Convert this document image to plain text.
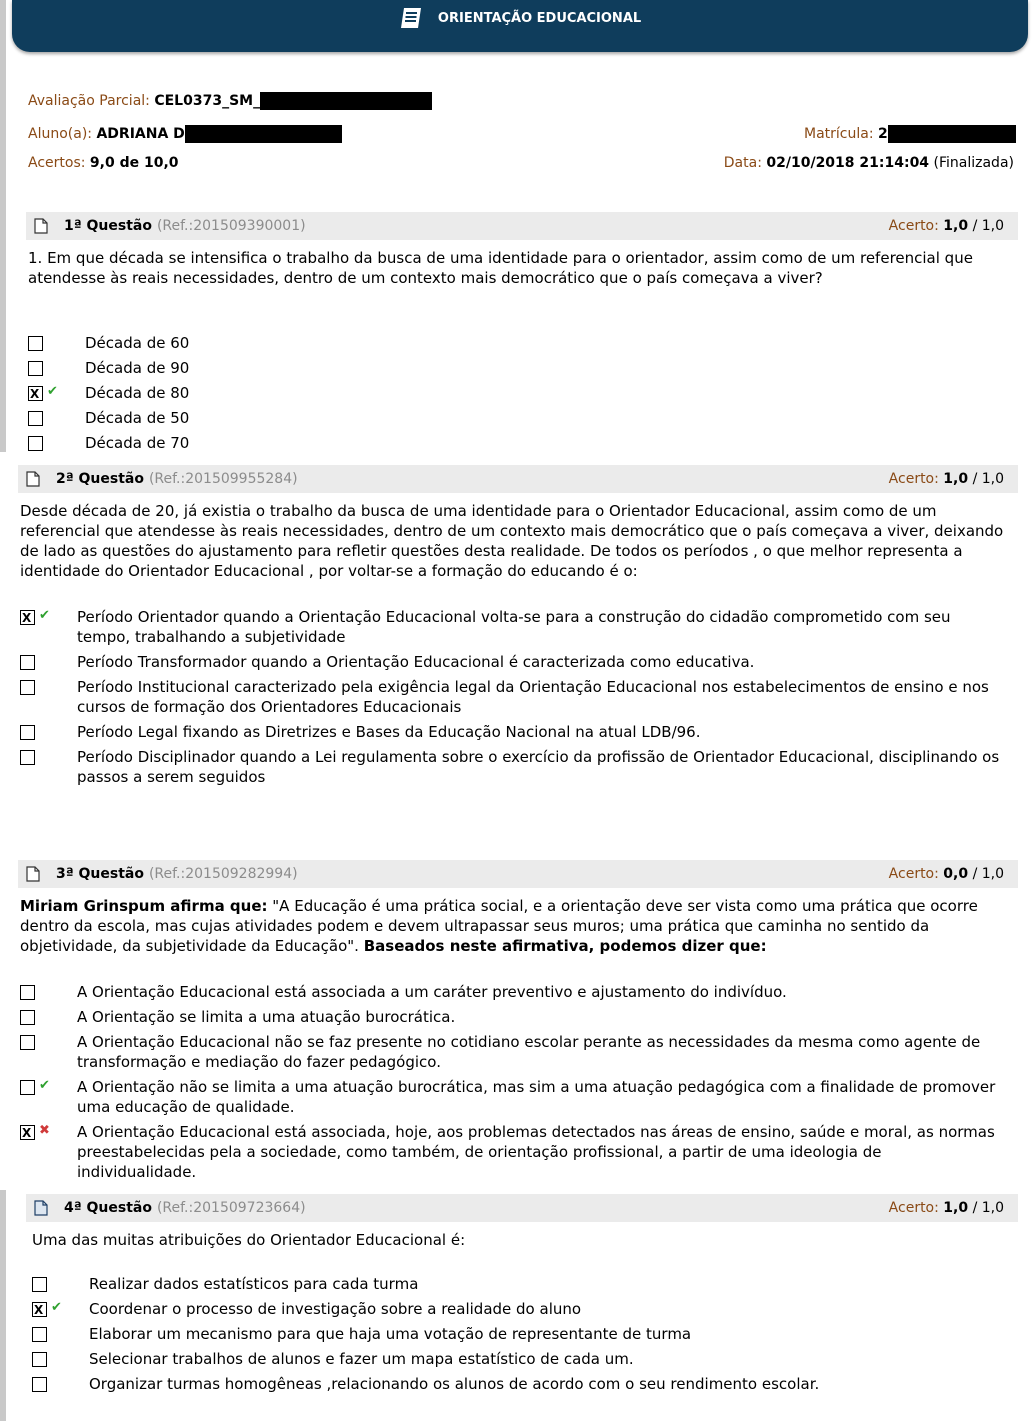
ORIENTAÇÃO EDUCACIONAL
Avaliação Parcial: CEL0373_SM_
Aluno(a): ADRIANA D	Matrícula: 2
Acertos: 9,0 de 10,0	Data: 02/10/2018 21:14:04 (Finalizada)
1ª Questão (Ref.:201509390001)	Acerto: 1,0 / 1,0
1. Em que década se intensifica o trabalho da busca de uma identidade para o orientador, assim como de um referencial que atendesse às reais necessidades, dentro de um contexto mais democrático que o país começava a viver?
Década de 60
Década de 90
X
✔	Década de 80
Década de 50
Década de 70
2ª Questão (Ref.:201509955284)	Acerto: 1,0 / 1,0
Desde década de 20, já existia o trabalho da busca de uma identidade para o Orientador Educacional, assim como de um referencial que atendesse às reais necessidades, dentro de um contexto mais democrático que o país começava a viver, deixando de lado as questões do ajustamento para refletir questões desta realidade. De todos os períodos , o que melhor representa a identidade do Orientador Educacional , por voltar-se a formação do educando é o:
X
✔	Período Orientador quando a Orientação Educacional volta-se para a construção do cidadão comprometido com seu tempo, trabalhando a subjetividade
Período Transformador quando a Orientação Educacional é caracterizada como educativa.
Período Institucional caracterizado pela exigência legal da Orientação Educacional nos estabelecimentos de ensino e nos cursos de formação dos Orientadores Educacionais
Período Legal fixando as Diretrizes e Bases da Educação Nacional na atual LDB/96.
Período Disciplinador quando a Lei regulamenta sobre o exercício da profissão de Orientador Educacional, disciplinando os passos a serem seguidos
3ª Questão (Ref.:201509282994)	Acerto: 0,0 / 1,0
Miriam Grinspum afirma que: "A Educação é uma prática social, e a orientação deve ser vista como uma prática que ocorre dentro da escola, mas cujas atividades podem e devem ultrapassar seus muros; uma prática que caminha no sentido da objetividade, da subjetividade da Educação". Baseados neste afirmativa, podemos dizer que:
A Orientação Educacional está associada a um caráter preventivo e ajustamento do indivíduo.
A Orientação se limita a uma atuação burocrática.
A Orientação Educacional não se faz presente no cotidiano escolar perante as necessidades da mesma como agente de transformação e mediação do fazer pedagógico.
✔	A Orientação não se limita a uma atuação burocrática, mas sim a uma atuação pedagógica com a finalidade de promover uma educação de qualidade.
X
✖	A Orientação Educacional está associada, hoje, aos problemas detectados nas áreas de ensino, saúde e moral, as normas preestabelecidas pela a sociedade, como também, de orientação profissional, a partir de uma ideologia de individualidade.
4ª Questão (Ref.:201509723664)	Acerto: 1,0 / 1,0
Uma das muitas atribuições do Orientador Educacional é:
Realizar dados estatísticos para cada turma
X
✔	Coordenar o processo de investigação sobre a realidade do aluno
Elaborar um mecanismo para que haja uma votação de representante de turma
Selecionar trabalhos de alunos e fazer um mapa estatístico de cada um.
Organizar turmas homogêneas ,relacionando os alunos de acordo com o seu rendimento escolar.
